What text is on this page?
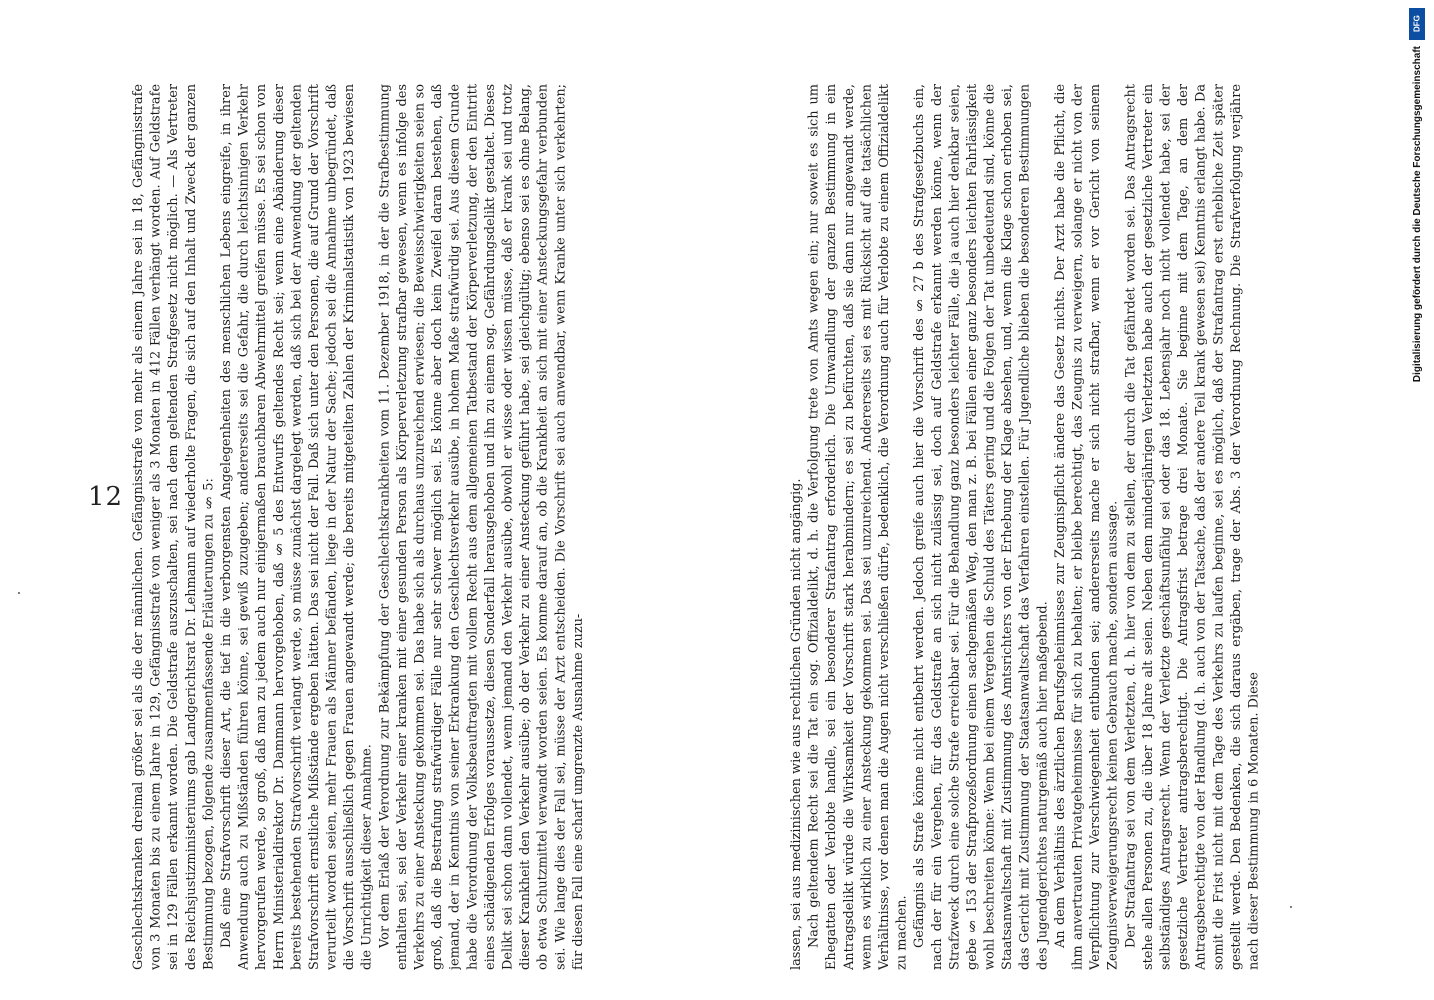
12
DFG
Digitalisierung gefördert durch die Deutsche Forschungsgemeinschaft

Geschlechtskranken dreimal größer sei als die der männlichen. Gefängnisstrafe von mehr als einem Jahre sei in 18, Gefängnisstrafe von 3 Monaten bis zu einem Jahre in 129, Gefängnisstrafe von weniger als 3 Monaten in 412 Fällen verhängt worden. Auf Geldstrafe sei in 129 Fällen erkannt worden. Die Geldstrafe auszuschalten, sei nach dem geltenden Strafgesetz nicht möglich. — Als Vertreter des Reichsjustizministeriums gab Landgerichtsrat Dr. Lehmann auf wiederholte Fragen, die sich auf den Inhalt und Zweck der ganzen Bestimmung bezogen, folgende zusammenfassende Erläuterungen zu § 5: Daß eine Strafvorschrift dieser Art, die tief in die verborgensten Angelegenheiten des menschlichen Lebens eingreife, in ihrer Anwendung auch zu Mißständen führen könne, sei gewiß zuzugeben; andererseits sei die Gefahr, die durch leichtsinnigen Verkehr hervorgerufen werde, so groß, daß man zu jedem auch nur einigermaßen brauchbaren Abwehrmittel greifen müsse. Es sei schon von Herrn Ministerialdirektor Dr. Dammann hervorgehoben, daß § 5 des Entwurfs geltendes Recht sei; wenn eine Abänderung dieser bereits bestehenden Strafvorschrift verlangt werde, so müsse zunächst dargelegt werden, daß sich bei der Anwendung der geltenden Strafvorschrift ernstliche Mißstände ergeben hätten. Das sei nicht der Fall. Daß sich unter den Personen, die auf Grund der Vorschrift verurteilt worden seien, mehr Frauen als Männer befänden, liege in der Natur der Sache; jedoch sei die Annahme unbegründet, daß die Vorschrift ausschließlich gegen Frauen angewandt werde; die bereits mitgeteilten Zahlen der Kriminalstatistik von 1923 bewiesen die Unrichtigkeit dieser Annahme. Vor dem Erlaß der Verordnung zur Bekämpfung der Geschlechtskrankheiten vom 11. Dezember 1918, in der die Strafbestimmung enthalten sei, sei der Verkehr einer kranken mit einer gesunden Person als Körperverletzung strafbar gewesen, wenn es infolge des Verkehrs zu einer Ansteckung gekommen sei. Das habe sich als durchaus unzureichend erwiesen; die Beweisschwierigkeiten seien so groß, daß die Bestrafung strafwürdiger Fälle nur sehr schwer möglich sei. Es könne aber doch kein Zweifel daran bestehen, daß jemand, der in Kenntnis von seiner Erkrankung den Geschlechtsverkehr ausübe, in hohem Maße strafwürdig sei. Aus diesem Grunde habe die Verordnung der Volksbeauftragten mit vollem Recht aus dem allgemeinen Tatbestand der Körperverletzung, der den Eintritt eines schädigenden Erfolges voraussetze, diesen Sonderfall herausgehoben und ihn zu einem sog. Gefährdungsdelikt gestaltet. Dieses Delikt sei schon dann vollendet, wenn jemand den Verkehr ausübe, obwohl er wisse oder wissen müsse, daß er krank sei und trotz dieser Krankheit den Verkehr ausübe; ob der Verkehr zu einer Ansteckung geführt habe, sei gleichgültig; ebenso sei es ohne Belang, ob etwa Schutzmittel verwandt worden seien. Es komme darauf an, ob die Krankheit an sich mit einer Ansteckungsgefahr verbunden sei. Wie lange dies der Fall sei, müsse der Arzt entscheiden. Die Vorschrift sei auch anwendbar, wenn Kranke unter sich verkehrten; für diesen Fall eine scharf umgrenzte Ausnahme zuzu-	lassen, sei aus medizinischen wie aus rechtlichen Gründen nicht angängig. Nach geltendem Recht sei die Tat ein sog. Offizialdelikt, d. h. die Verfolgung trete von Amts wegen ein; nur soweit es sich um Ehegatten oder Verlobte handle, sei ein besonderer Strafantrag erforderlich. Die Umwandlung der ganzen Bestimmung in ein Antragsdelikt würde die Wirksamkeit der Vorschrift stark herabmindern; es sei zu befürchten, daß sie dann nur angewandt werde, wenn es wirklich zu einer Ansteckung gekommen sei. Das sei unzureichend. Andererseits sei es mit Rücksicht auf die tatsächlichen Verhältnisse, vor denen man die Augen nicht verschließen dürfe, bedenklich, die Verordnung auch für Verlobte zu einem Offizialdelikt zu machen. Gefängnis als Strafe könne nicht entbehrt werden. Jedoch greife auch hier die Vorschrift des § 27 b des Strafgesetzbuchs ein, nach der für ein Vergehen, für das Geldstrafe an sich nicht zulässig sei, doch auf Geldstrafe erkannt werden könne, wenn der Strafzweck durch eine solche Strafe erreichbar sei. Für die Behandlung ganz besonders leichter Fälle, die ja auch hier denkbar seien, gebe § 153 der Strafprozeßordnung einen sachgemäßen Weg, den man z. B. bei Fällen einer ganz besonders leichten Fahrlässigkeit wohl beschreiten könne: Wenn bei einem Vergehen die Schuld des Täters gering und die Folgen der Tat unbedeutend sind, könne die Staatsanwaltschaft mit Zustimmung des Amtsrichters von der Erhebung der Klage absehen, und, wenn die Klage schon erhoben sei, das Gericht mit Zustimmung der Staatsanwaltschaft das Verfahren einstellen. Für Jugendliche blieben die besonderen Bestimmungen des Jugendgerichtes naturgemäß auch hier maßgebend. An dem Verhältnis des ärztlichen Berufsgeheimnisses zur Zeugnispflicht ändere das Gesetz nichts. Der Arzt habe die Pflicht, die ihm anvertrauten Privatgeheimnisse für sich zu behalten; er bleibe berechtigt, das Zeugnis zu verweigern, solange er nicht von der Verpflichtung zur Verschwiegenheit entbunden sei; andererseits mache er sich nicht strafbar, wenn er vor Gericht von seinem Zeugnisverweigerungsrecht keinen Gebrauch mache, sondern aussage. Der Strafantrag sei von dem Verletzten, d. h. hier von dem zu stellen, der durch die Tat gefährdet worden sei. Das Antragsrecht stehe allen Personen zu, die über 18 Jahre alt seien. Neben dem minderjährigen Verletzten habe auch der gesetzliche Vertreter ein selbständiges Antragsrecht. Wenn der Verletzte geschäftsunfähig sei oder das 18. Lebensjahr noch nicht vollendet habe, sei der gesetzliche Vertreter antragsberechtigt. Die Antragsfrist betrage drei Monate. Sie beginne mit dem Tage, an dem der Antragsberechtigte von der Handlung (d. h. auch von der Tatsache, daß der andere Teil krank gewesen sei) Kenntnis erlangt habe. Da somit die Frist nicht mit dem Tage des Verkehrs zu laufen beginne, sei es möglich, daß der Strafantrag erst erhebliche Zeit später gestellt werde. Den Bedenken, die sich daraus ergäben, trage der Abs. 3 der Verordnung Rechnung. Die Strafverfolgung verjähre nach dieser Bestimmung in 6 Monaten. Diese
